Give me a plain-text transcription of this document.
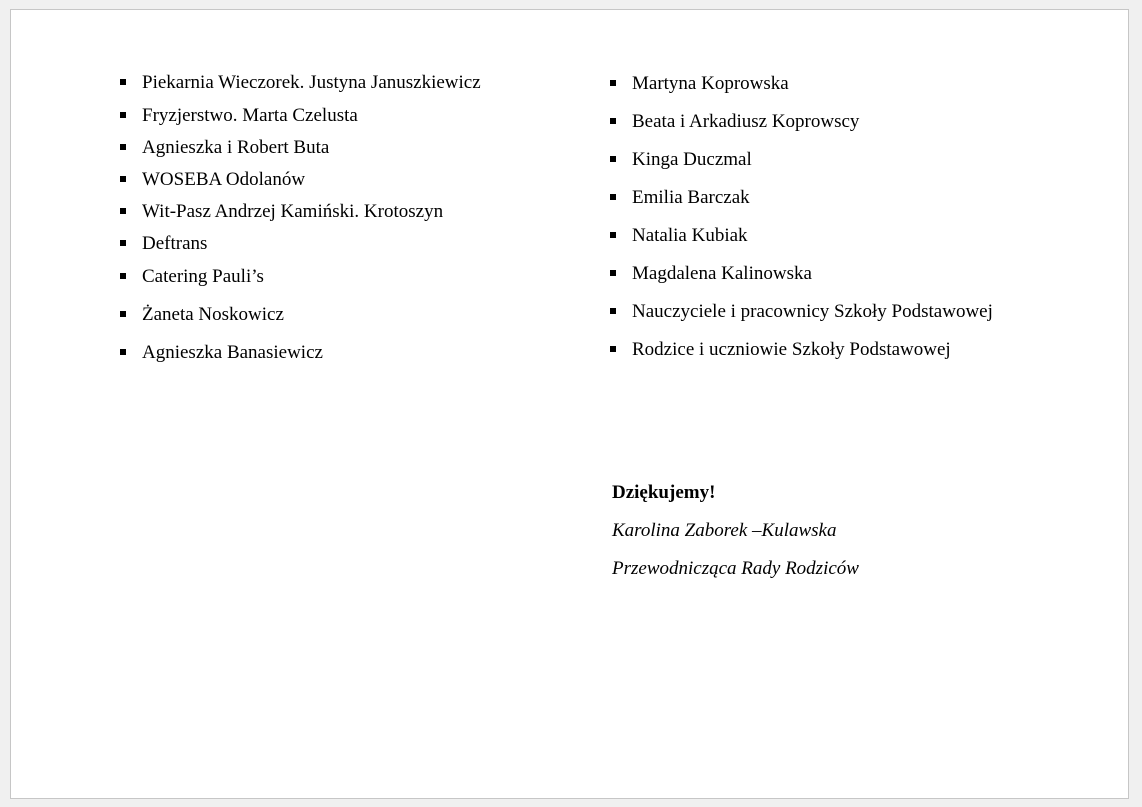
Piekarnia Wieczorek. Justyna Januszkiewicz
Fryzjerstwo. Marta Czelusta
Agnieszka i Robert Buta
WOSEBA Odolanów
Wit-Pasz Andrzej Kamiński. Krotoszyn
Deftrans
Catering Pauli’s
Żaneta Noskowicz
Agnieszka Banasiewicz
Martyna Koprowska
Beata i Arkadiusz Koprowscy
Kinga Duczmal
Emilia Barczak
Natalia Kubiak
Magdalena Kalinowska
Nauczyciele i pracownicy Szkoły Podstawowej
Rodzice i uczniowie Szkoły Podstawowej
Dziękujemy!
Karolina Zaborek –Kulawska
Przewodnicząca Rady Rodziców
